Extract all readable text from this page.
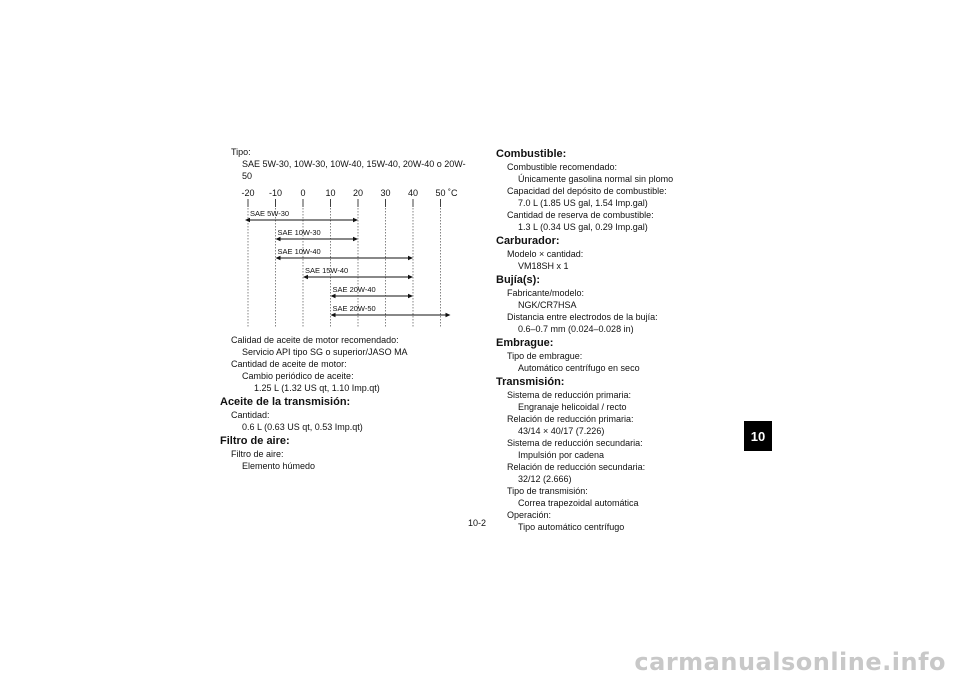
Tipo:
SAE 5W-30, 10W-30, 10W-40, 15W-40, 20W-40 o 20W-50
-20 -10 0 10 20 30 40 50 ˚C
SAE 5W-30
SAE 10W-30
SAE 10W-40
SAE 15W-40
SAE 20W-40
SAE 20W-50
Calidad de aceite de motor recomendado:
Servicio API tipo SG o superior/JASO MA
Cantidad de aceite de motor:
Cambio periódico de aceite:
1.25 L (1.32 US qt, 1.10 Imp.qt)
Aceite de la transmisión:
Cantidad:
0.6 L (0.63 US qt, 0.53 Imp.qt)
Filtro de aire:
Filtro de aire:
Elemento húmedo
Combustible:
Combustible recomendado:
Únicamente gasolina normal sin plomo
Capacidad del depósito de combustible:
7.0 L (1.85 US gal, 1.54 Imp.gal)
Cantidad de reserva de combustible:
1.3 L (0.34 US gal, 0.29 Imp.gal)
Carburador:
Modelo × cantidad:
VM18SH x 1
Bujía(s):
Fabricante/modelo:
NGK/CR7HSA
Distancia entre electrodos de la bujía:
0.6–0.7 mm (0.024–0.028 in)
Embrague:
Tipo de embrague:
Automático centrífugo en seco
Transmisión:
Sistema de reducción primaria:
Engranaje helicoidal / recto
Relación de reducción primaria:
43/14 × 40/17 (7.226)
Sistema de reducción secundaria:
Impulsión por cadena
Relación de reducción secundaria:
32/12 (2.666)
Tipo de transmisión:
Correa trapezoidal automática
Operación:
Tipo automático centrífugo
10
10-2
carmanualsonline.info
